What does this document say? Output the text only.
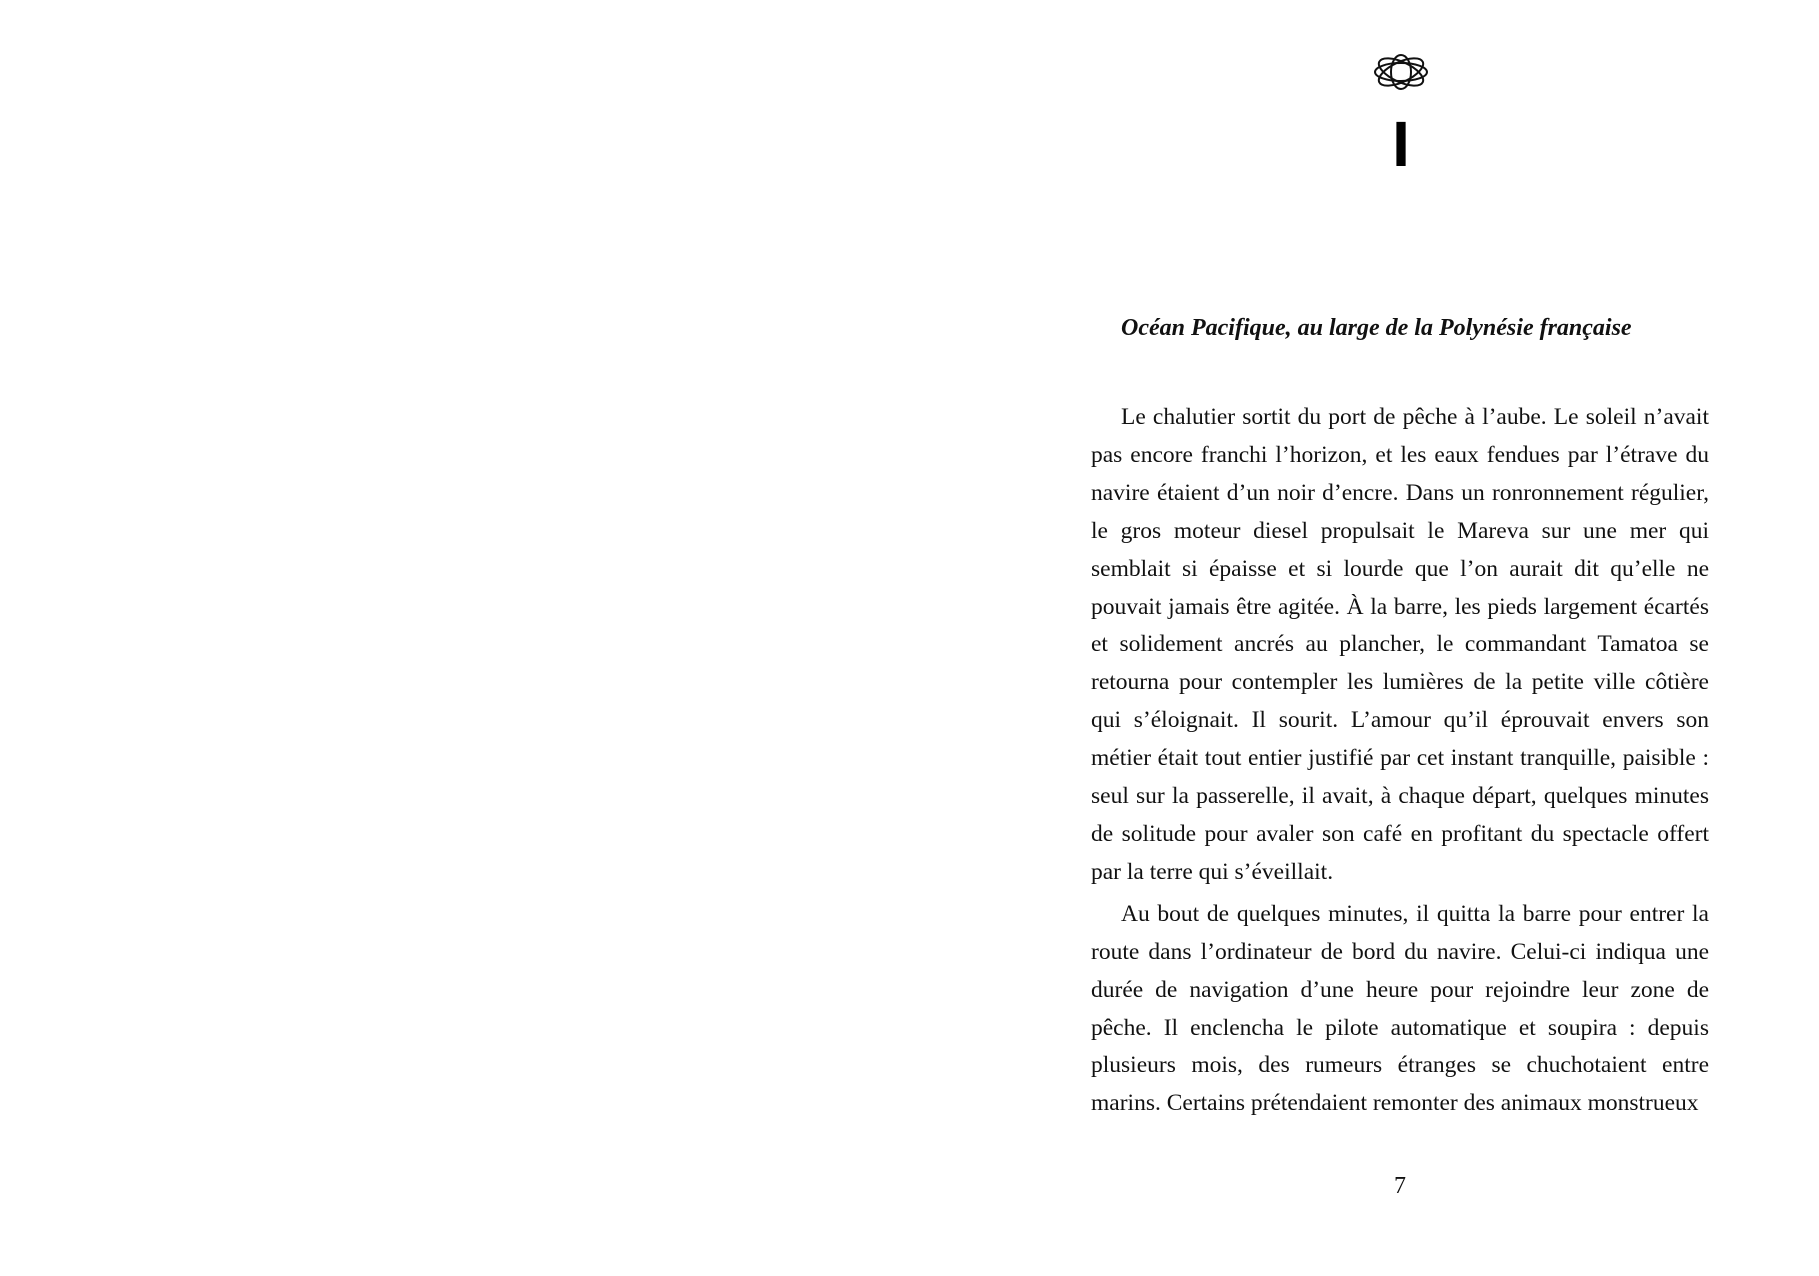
I
Océan Pacifique, au large de la Polynésie française

Le chalutier sortit du port de pêche à l’aube. Le soleil n’avait pas encore franchi l’horizon, et les eaux fendues par l’étrave du navire étaient d’un noir d’encre. Dans un ronronnement régulier, le gros moteur diesel propulsait le Mareva sur une mer qui semblait si épaisse et si lourde que l’on aurait dit qu’elle ne pouvait jamais être agitée. À la barre, les pieds largement écartés et solidement ancrés au plancher, le commandant Tamatoa se retourna pour contempler les lumières de la petite ville côtière qui s’éloignait. Il sourit. L’amour qu’il éprouvait envers son métier était tout entier justifié par cet instant tranquille, paisible : seul sur la passerelle, il avait, à chaque départ, quelques minutes de solitude pour avaler son café en profitant du spectacle offert par la terre qui s’éveillait.

Au bout de quelques minutes, il quitta la barre pour entrer la route dans l’ordinateur de bord du navire. Celui-ci indiqua une durée de navigation d’une heure pour rejoindre leur zone de pêche. Il enclencha le pilote automatique et soupira : depuis plusieurs mois, des rumeurs étranges se chuchotaient entre marins. Certains prétendaient remonter des animaux monstrueux
